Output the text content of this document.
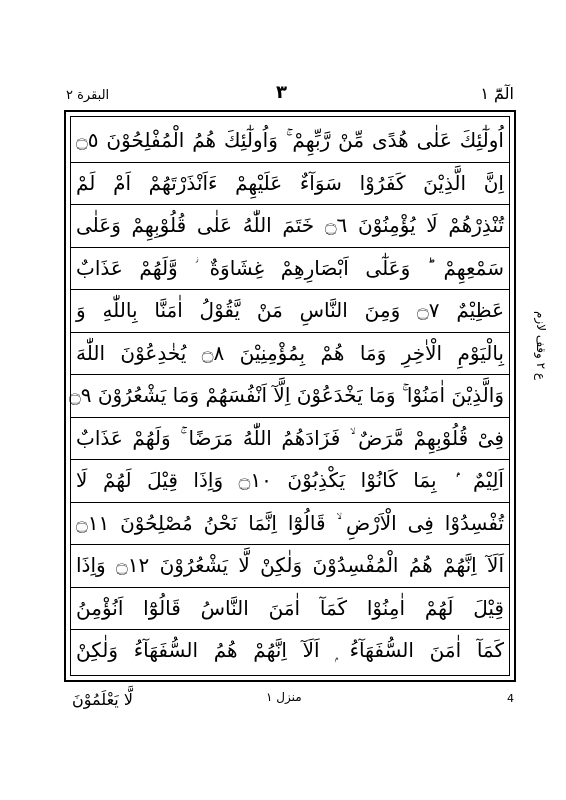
البقرة ٢	٣	الٓمّٓ ١
اُولٰٓئِكَ عَلٰى هُدًى مِّنْ رَّبِّهِمْ ۚ وَاُولٰٓئِكَ هُمُ الْمُفْلِحُوْنَ ۝٥
اِنَّ الَّذِيْنَ كَفَرُوْا سَوَآءٌ عَلَيْهِمْ ءَاَنْذَرْتَهُمْ اَمْ لَمْ
تُنْذِرْهُمْ لَا يُؤْمِنُوْنَ ۝٦ خَتَمَ اللّٰهُ عَلٰى قُلُوْبِهِمْ وَعَلٰى
سَمْعِهِمْ ؕ وَعَلٰٓى اَبْصَارِهِمْ غِشَاوَةٌ ؗ وَّلَهُمْ عَذَابٌ
عَظِيْمٌ ۝٧ وَمِنَ النَّاسِ مَنْ يَّقُوْلُ اٰمَنَّا بِاللّٰهِ وَ
بِالْيَوْمِ الْاٰخِرِ وَمَا هُمْ بِمُؤْمِنِيْنَ ۝٨ يُخٰدِعُوْنَ اللّٰهَ
وَالَّذِيْنَ اٰمَنُوْا ۚ وَمَا يَخْدَعُوْنَ اِلَّآ اَنْفُسَهُمْ وَمَا يَشْعُرُوْنَ ۝٩
فِىْ قُلُوْبِهِمْ مَّرَضٌ ۙ فَزَادَهُمُ اللّٰهُ مَرَضًا ۚ وَلَهُمْ عَذَابٌ
اَلِيْمٌ ۢ بِمَا كَانُوْا يَكْذِبُوْنَ ۝١٠ وَاِذَا قِيْلَ لَهُمْ لَا
تُفْسِدُوْا فِى الْاَرْضِ ۙ قَالُوْٓا اِنَّمَا نَحْنُ مُصْلِحُوْنَ ۝١١
اَلَآ اِنَّهُمْ هُمُ الْمُفْسِدُوْنَ وَلٰكِنْ لَّا يَشْعُرُوْنَ ۝١٢ وَاِذَا
قِيْلَ لَهُمْ اٰمِنُوْا كَمَآ اٰمَنَ النَّاسُ قَالُوْٓا اَنُؤْمِنُ
كَمَآ اٰمَنَ السُّفَهَآءُ ۭ اَلَآ اِنَّهُمْ هُمُ السُّفَهَآءُ وَلٰكِنْ
ع ٢ وقف لازم
لَّا يَعْلَمُوْنَ	منزل ١	4
